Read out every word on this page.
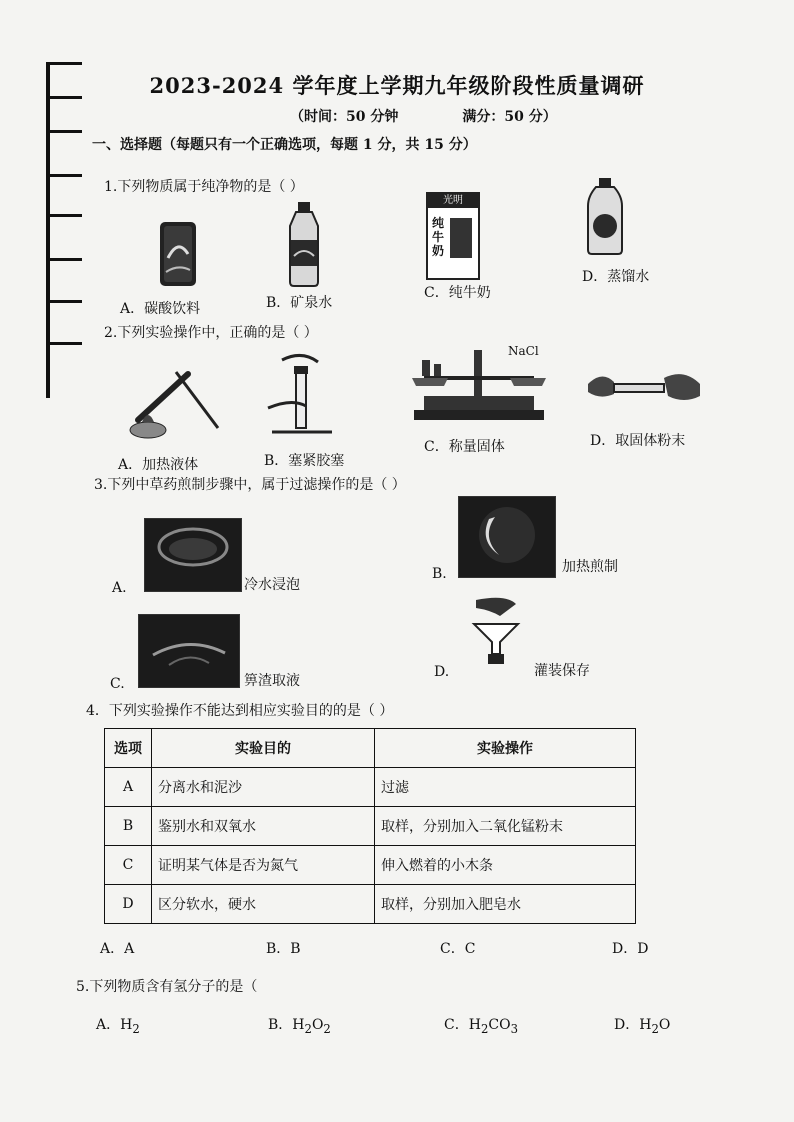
2023-2024 学年度上学期九年级阶段性质量调研
（时间：50 分钟	满分：50 分）
一、选择题（每题只有一个正确选项，每题 1 分，共 15 分）
1.下列物质属于纯净物的是（ ）
光明
纯牛奶
A．碳酸饮料	B．矿泉水
C．纯牛奶
D．蒸馏水
2.下列实验操作中，正确的是（ ）
NaCl
A．加热液体	B．塞紧胶塞
C．称量固体	D．取固体粉末
3.下列中草药煎制步骤中，属于过滤操作的是（ ）
A.	冷水浸泡
B.	加热煎制
C.	箅渣取液
D.	灌装保存
4．下列实验操作不能达到相应实验目的的是（ ）
选项	实验目的	实验操作
A	分离水和泥沙	过滤
B	鉴别水和双氧水	取样，分别加入二氧化锰粉末
C	证明某气体是否为氮气	伸入燃着的小木条
D	区分软水，硬水	取样，分别加入肥皂水
A．A	B．B	C．C	D．D
5.下列物质含有氢分子的是（
A．$H_2$	B．$H_2O_2$	C．$H_2CO_3$	D．$H_2O$
